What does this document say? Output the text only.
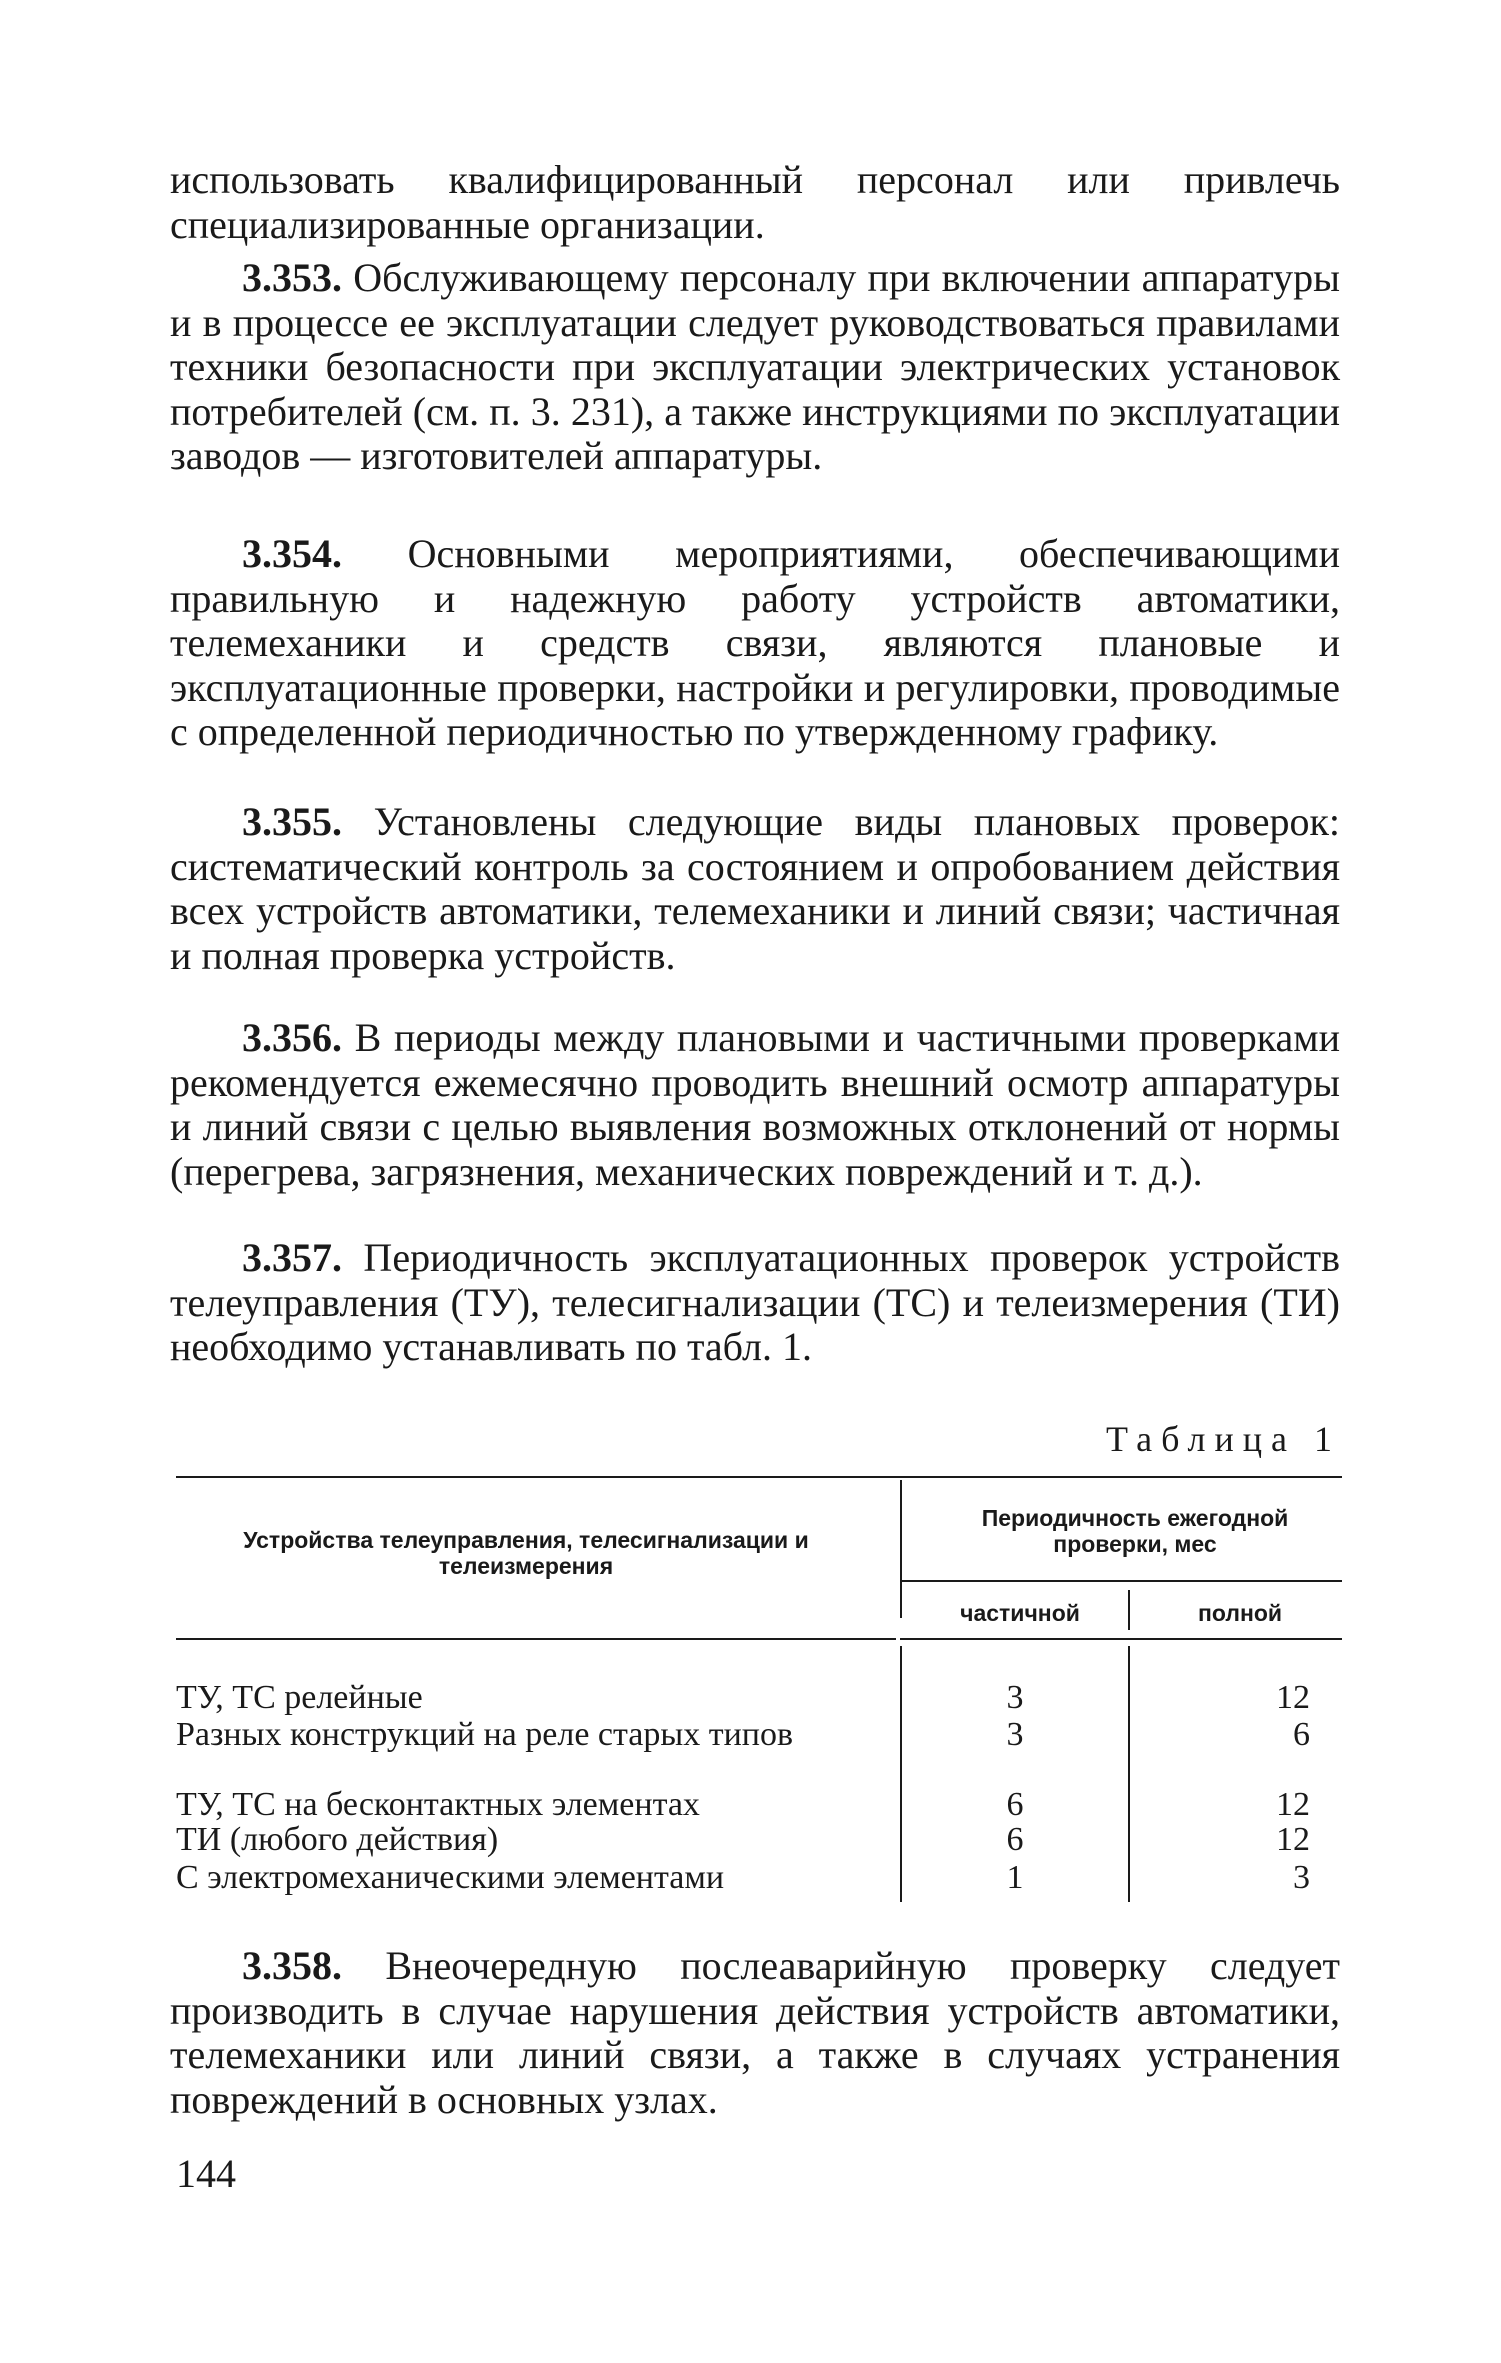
использовать квалифицированный персонал или привлечь специализированные организации.
3.353. Обслуживающему персоналу при включении аппаратуры и в процессе ее эксплуатации следует руководствоваться правилами техники безопасности при эксплуатации электрических установок потребителей (см. п. 3. 231), а также инструкциями по эксплуатации заводов — изготовителей аппаратуры.
3.354. Основными мероприятиями, обеспечивающими правильную и надежную работу устройств автоматики, телемеханики и средств связи, являются плановые и эксплуатационные проверки, настройки и регулировки, проводимые с определенной периодичностью по утвержденному графику.
3.355. Установлены следующие виды плановых проверок: систематический контроль за состоянием и опробованием действия всех устройств автоматики, телемеханики и линий связи; частичная и полная проверка устройств.
3.356. В периоды между плановыми и частичными проверками рекомендуется ежемесячно проводить внешний осмотр аппаратуры и линий связи с целью выявления возможных отклонений от нормы (перегрева, загрязнения, механических повреждений и т. д.).
3.357. Периодичность эксплуатационных проверок устройств телеуправления (ТУ), телесигнализации (ТС) и телеизмерения (ТИ) необходимо устанавливать по табл. 1.
Таблица 1
Устройства телеуправления, телесигнализации и телеизмерения
Периодичность ежегодной проверки, мес
частичной	полной
ТУ, ТС релейные	3	12
Разных конструкций на реле старых типов	3	6
ТУ, ТС на бесконтактных элементах	6	12
ТИ (любого действия)	6	12
С электромеханическими элементами	1	3
3.358. Внеочередную послеаварийную проверку следует производить в случае нарушения действия устройств автоматики, телемеханики или линий связи, а также в случаях устранения повреждений в основных узлах.
144
